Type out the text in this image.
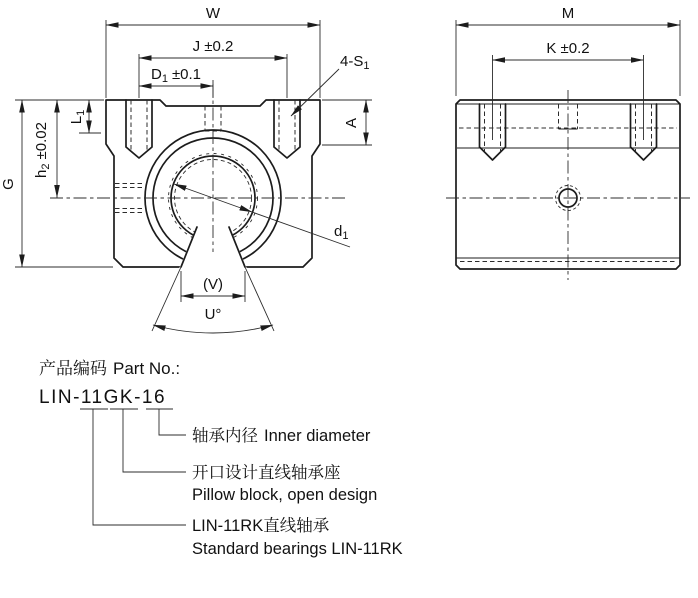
W
J ±0.2
$D_1 \pm 0.1$
$4-S_1$
A
G
$h_2\pm 0.02$
$L_1$
$d_1$
(V)
U°
M
K ±0.2
产品编码 Part No.:
LIN-11GK-16
轴承内径 Inner diameter
开口设计直线轴承座
Pillow block, open design
LIN-11RK直线轴承
Standard bearings LIN-11RK
